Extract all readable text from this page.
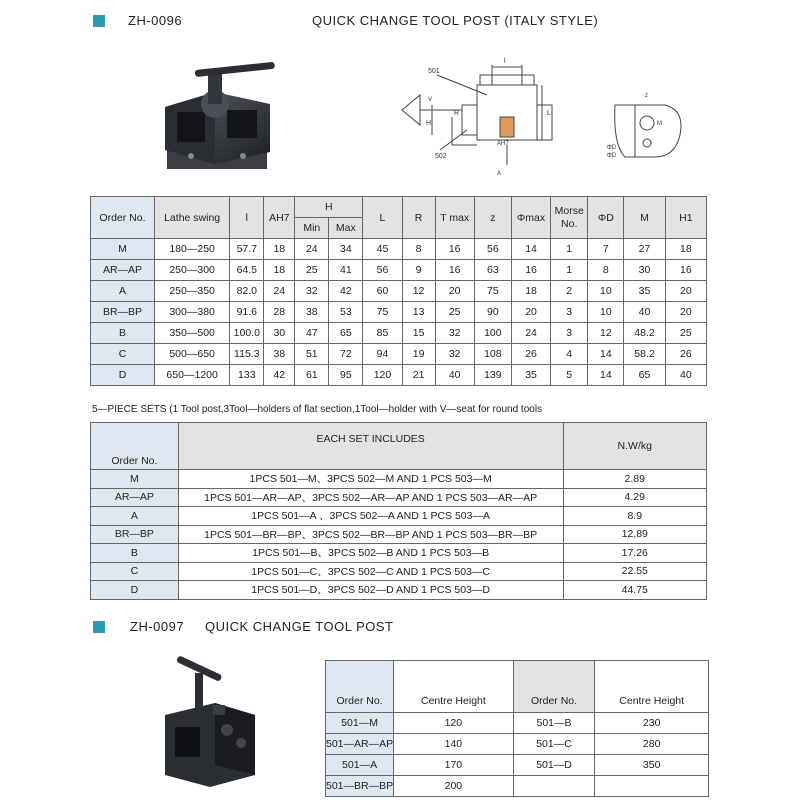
ZH-0096	QUICK CHANGE TOOL POST (ITALY STYLE)
501
502
l
H
R	L
AH7
V
A
z
M
ΦD
ΦD
Order No.	Lathe swing	l	AH7	H		L	R	T max	z	Φmax	Morse No.	ΦD	M	H1
				Min	Max									
M	180—250	57.7	18	24	34	45	8	16	56	14	1	7	27	18
AR—AP	250—300	64.5	18	25	41	56	9	16	63	16	1	8	30	16
A	250—350	82.0	24	32	42	60	12	20	75	18	2	10	35	20
BR—BP	300—380	91.6	28	38	53	75	13	25	90	20	3	10	40	20
B	350—500	100.0	30	47	65	85	15	32	100	24	3	12	48.2	25
C	500—650	115.3	38	51	72	94	19	32	108	26	4	14	58.2	26
D	650—1200	133	42	61	95	120	21	40	139	35	5	14	65	40
5—PIECE SETS (1 Tool post,3Tool—holders of flat section,1Tool—holder with V—seat for round tools
Order No.	EACH SET INCLUDES	N.W/kg
M	1PCS 501—M、3PCS 502—M AND 1 PCS 503—M	2.89
AR—AP	1PCS 501—AR—AP、3PCS 502—AR—AP AND 1 PCS 503—AR—AP	4.29
A	1PCS 501—A 、3PCS 502—A AND 1 PCS 503—A	8.9
BR—BP	1PCS 501—BR—BP、3PCS 502—BR—BP AND 1 PCS 503—BR—BP	12.89
B	1PCS 501—B、3PCS 502—B AND 1 PCS 503—B	17.26
C	1PCS 501—C、3PCS 502—C AND 1 PCS 503—C	22.55
D	1PCS 501—D、3PCS 502—D AND 1 PCS 503—D	44.75
ZH-0097 QUICK CHANGE TOOL POST
Order No.	Centre Height	Order No.	Centre Height
501—M	120	501—B	230
501—AR—AP	140	501—C	280
501—A	170	501—D	350
501—BR—BP	200		
